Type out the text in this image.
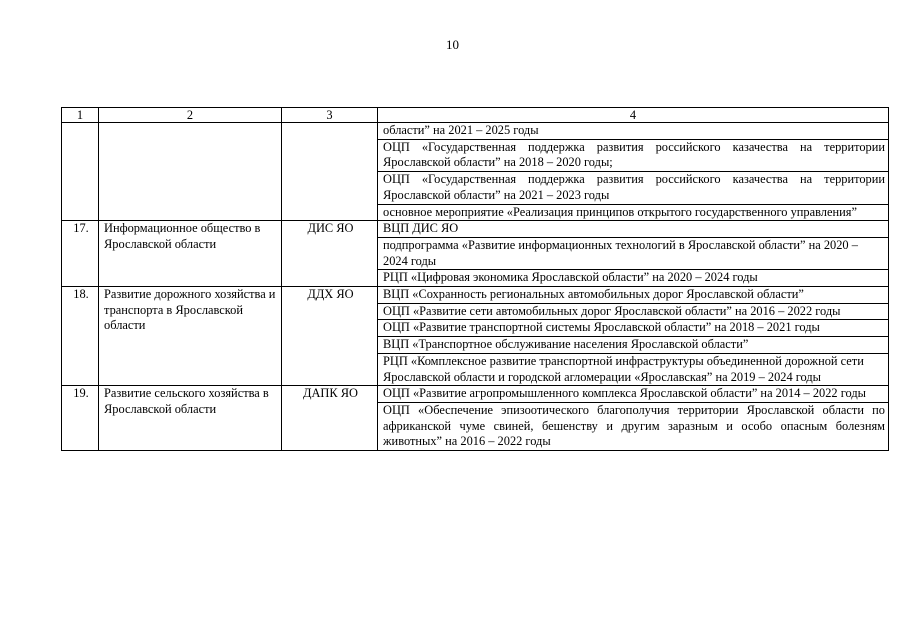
10
1	2	3	4
			областиˮ на 2021 – 2025 годы
			ОЦП «Государственная поддержка развития российского казачества на территории Ярославской областиˮ на 2018 – 2020 годы;
			ОЦП «Государственная поддержка развития российского казачества на территории Ярославской областиˮ на 2021 – 2023 годы
			основное мероприятие «Реализация принципов открытого государственного управленияˮ
17.	Информационное общество в Ярославской области	ДИС ЯО	ВЦП ДИС ЯО
			подпрограмма «Развитие информационных технологий в Ярославской областиˮ на 2020 – 2024 годы
			РЦП «Цифровая экономика Ярославской областиˮ на 2020 – 2024 годы
18.	Развитие дорожного хозяйства и транспорта в Ярославской области	ДДХ ЯО	ВЦП «Сохранность региональных автомобильных дорог Ярославской областиˮ
			ОЦП «Развитие сети автомобильных дорог Ярославской областиˮ на 2016 – 2022 годы
			ОЦП «Развитие транспортной системы Ярославской областиˮ на 2018 – 2021 годы
			ВЦП «Транспортное обслуживание населения Ярославской областиˮ
			РЦП «Комплексное развитие транспортной инфраструктуры объединенной дорожной сети Ярославской области и городской агломерации «Ярославскаяˮ на 2019 – 2024 годы
19.	Развитие сельского хозяйства в Ярославской области	ДАПК ЯО	ОЦП «Развитие агропромышленного комплекса Ярославской областиˮ на 2014 – 2022 годы
			ОЦП «Обеспечение эпизоотического благополучия территории Ярославской области по африканской чуме свиней, бешенству и другим заразным и особо опасным болезням животныхˮ на 2016 – 2022 годы
